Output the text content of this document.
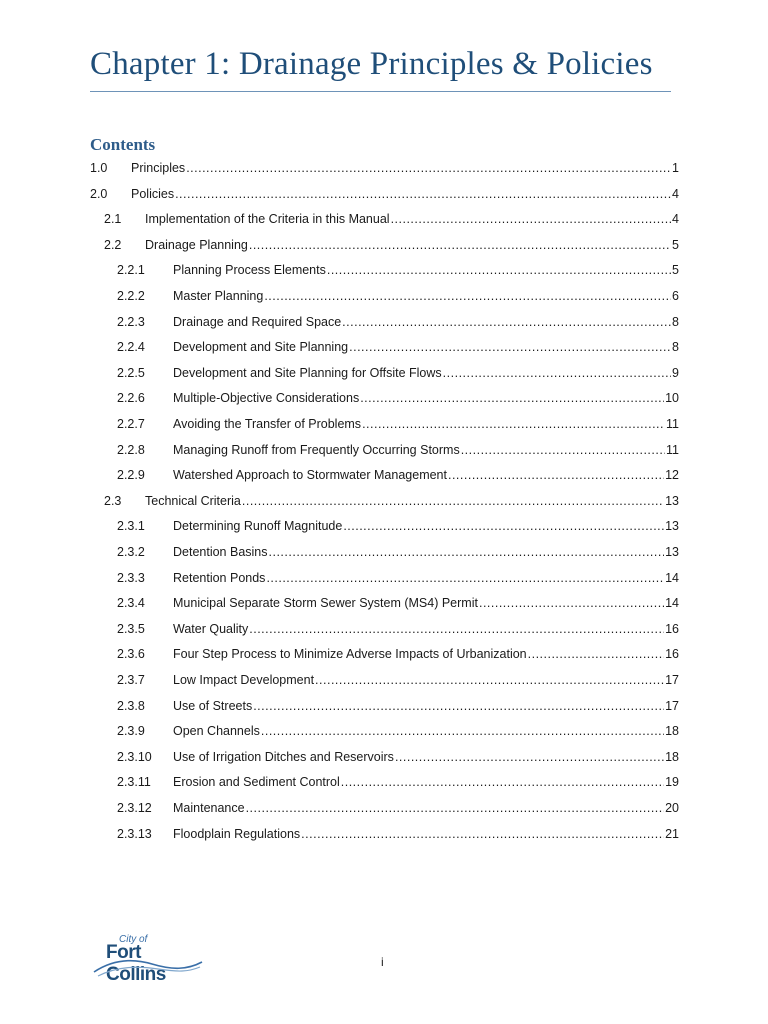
Chapter 1: Drainage Principles & Policies
Contents
1.0	Principles .....	1
2.0	Policies .....	4
2.1	Implementation of the Criteria in this Manual .....	4
2.2	Drainage Planning .....	5
2.2.1	Planning Process Elements .....	5
2.2.2	Master Planning .....	6
2.2.3	Drainage and Required Space .....	8
2.2.4	Development and Site Planning .....	8
2.2.5	Development and Site Planning for Offsite Flows .....	9
2.2.6	Multiple-Objective Considerations .....	10
2.2.7	Avoiding the Transfer of Problems .....	11
2.2.8	Managing Runoff from Frequently Occurring Storms .....	11
2.2.9	Watershed Approach to Stormwater Management .....	12
2.3	Technical Criteria .....	13
2.3.1	Determining Runoff Magnitude .....	13
2.3.2	Detention Basins .....	13
2.3.3	Retention Ponds .....	14
2.3.4	Municipal Separate Storm Sewer System (MS4) Permit .....	14
2.3.5	Water Quality .....	16
2.3.6	Four Step Process to Minimize Adverse Impacts of Urbanization .....	16
2.3.7	Low Impact Development .....	17
2.3.8	Use of Streets .....	17
2.3.9	Open Channels .....	18
2.3.10	Use of Irrigation Ditches and Reservoirs .....	18
2.3.11	Erosion and Sediment Control .....	19
2.3.12	Maintenance .....	20
2.3.13	Floodplain Regulations .....	21
City of
Fort Collins
i
